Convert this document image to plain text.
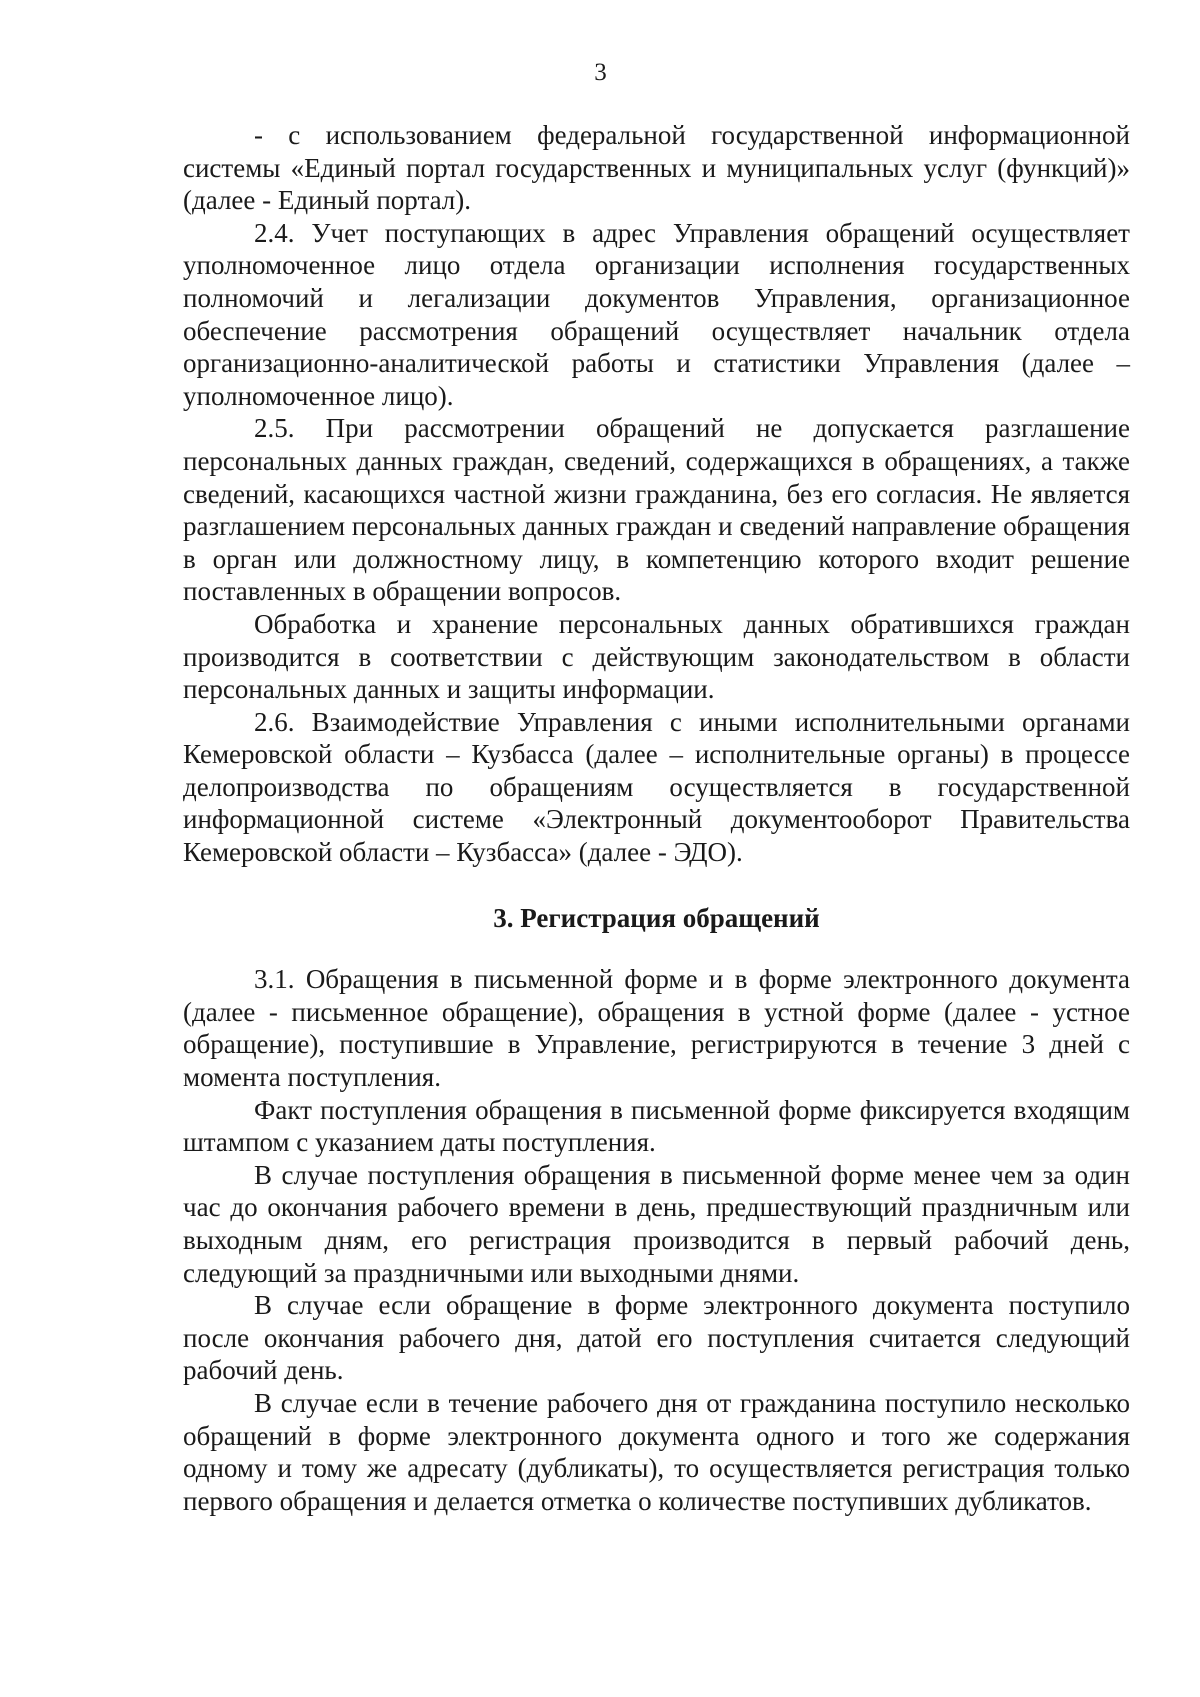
3

- с использованием федеральной государственной информационной системы «Единый портал государственных и муниципальных услуг (функций)» (далее - Единый портал).

2.4. Учет поступающих в адрес Управления обращений осуществляет уполномоченное лицо отдела организации исполнения государственных полномочий и легализации документов Управления, организационное обеспечение рассмотрения обращений осуществляет начальник отдела организационно-аналитической работы и статистики Управления (далее – уполномоченное лицо).

2.5. При рассмотрении обращений не допускается разглашение персональных данных граждан, сведений, содержащихся в обращениях, а также сведений, касающихся частной жизни гражданина, без его согласия. Не является разглашением персональных данных граждан и сведений направление обращения в орган или должностному лицу, в компетенцию которого входит решение поставленных в обращении вопросов.

Обработка и хранение персональных данных обратившихся граждан производится в соответствии с действующим законодательством в области персональных данных и защиты информации.

2.6. Взаимодействие Управления с иными исполнительными органами Кемеровской области – Кузбасса (далее – исполнительные органы) в процессе делопроизводства по обращениям осуществляется в государственной информационной системе «Электронный документооборот Правительства Кемеровской области – Кузбасса» (далее - ЭДО).

3. Регистрация обращений

3.1. Обращения в письменной форме и в форме электронного документа (далее - письменное обращение), обращения в устной форме (далее - устное обращение), поступившие в Управление, регистрируются в течение 3 дней с момента поступления.

Факт поступления обращения в письменной форме фиксируется входящим штампом с указанием даты поступления.

В случае поступления обращения в письменной форме менее чем за один час до окончания рабочего времени в день, предшествующий праздничным или выходным дням, его регистрация производится в первый рабочий день, следующий за праздничными или выходными днями.

В случае если обращение в форме электронного документа поступило после окончания рабочего дня, датой его поступления считается следующий рабочий день.

В случае если в течение рабочего дня от гражданина поступило несколько обращений в форме электронного документа одного и того же содержания одному и тому же адресату (дубликаты), то осуществляется регистрация только первого обращения и делается отметка о количестве поступивших дубликатов.
